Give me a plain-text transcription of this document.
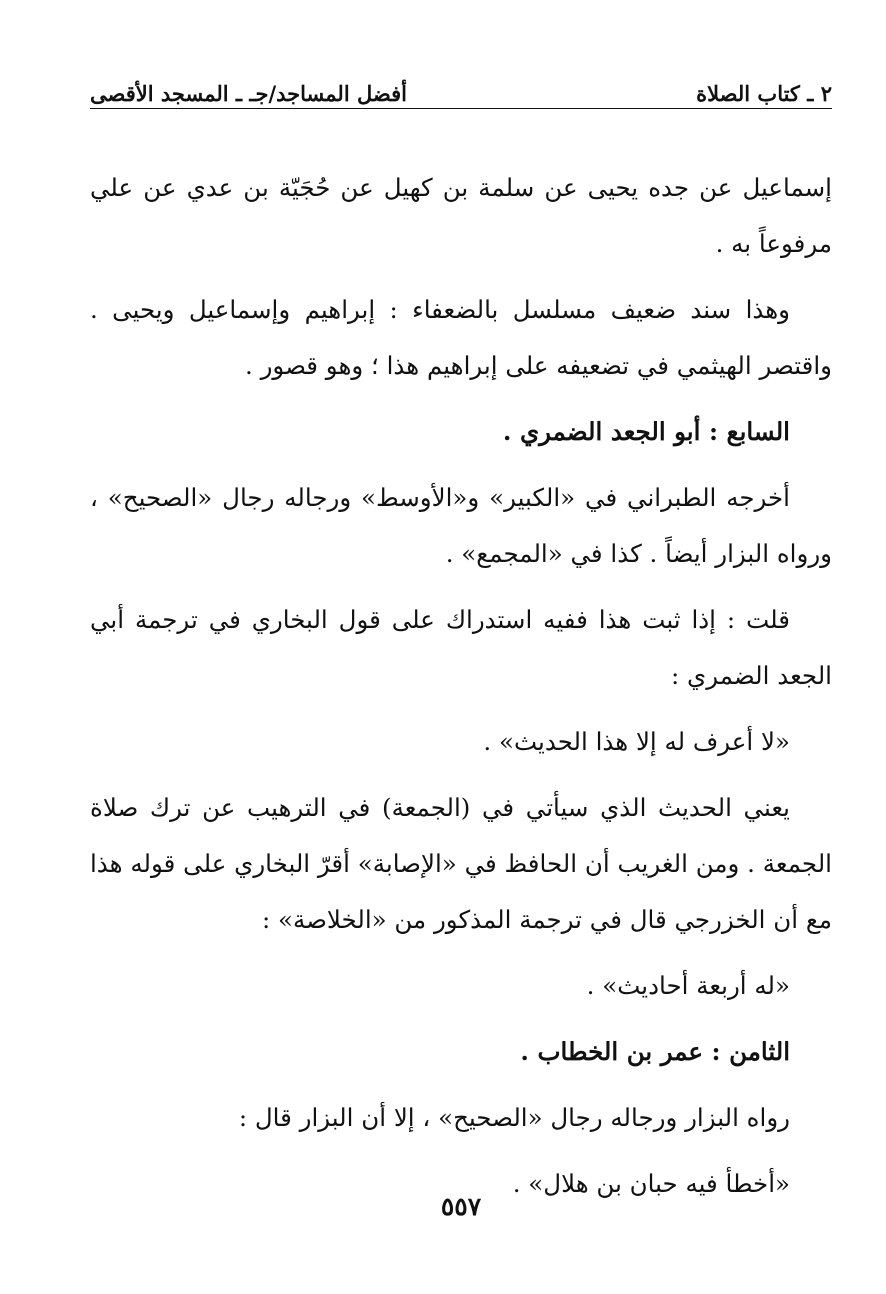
٢ ـ كتاب الصلاة
أفضل المساجد/جـ ـ المسجد الأقصى

إسماعيل عن جده يحيى عن سلمة بن كهيل عن حُجَيّة بن عدي عن علي مرفوعاً به .

وهذا سند ضعيف مسلسل بالضعفاء : إبراهيم وإسماعيل ويحيى . واقتصر الهيثمي في تضعيفه على إبراهيم هذا ؛ وهو قصور .

السابع : أبو الجعد الضمري .

أخرجه الطبراني في «الكبير» و«الأوسط» ورجاله رجال «الصحيح» ، ورواه البزار أيضاً . كذا في «المجمع» .

قلت : إذا ثبت هذا ففيه استدراك على قول البخاري في ترجمة أبي الجعد الضمري :

«لا أعرف له إلا هذا الحديث» .

يعني الحديث الذي سيأتي في (الجمعة) في الترهيب عن ترك صلاة الجمعة . ومن الغريب أن الحافظ في «الإصابة» أقرّ البخاري على قوله هذا مع أن الخزرجي قال في ترجمة المذكور من «الخلاصة» :

«له أربعة أحاديث» .

الثامن : عمر بن الخطاب .

رواه البزار ورجاله رجال «الصحيح» ، إلا أن البزار قال :

«أخطأ فيه حبان بن هلال» .

٥٥٧
